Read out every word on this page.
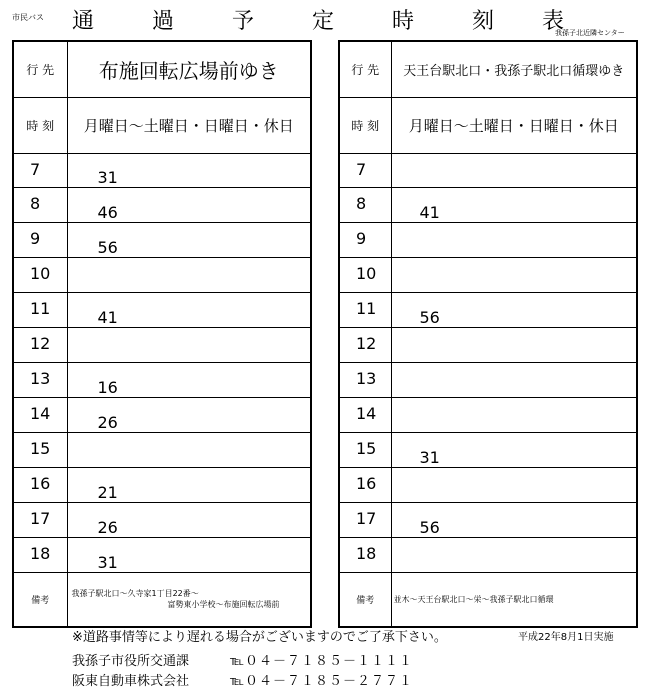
市民バス 通	過	予	定	時	刻 表
我孫子北近隣センター
行 先	布施回転広場前ゆき
時 刻	月曜日～土曜日・日曜日・休日

7	31

8	46

9	56

10	

11	41

12	

13	16

14	26

15	

16	21

17	26

18	31

備考	我孫子駅北口～久寺家1丁目22番～
富勢東小学校～布施回転広場前
行 先	天王台駅北口・我孫子駅北口循環ゆき
時 刻	月曜日～土曜日・日曜日・休日

7	

8	41

9	

10	

11	56

12	

13	

14	

15	31

16	

17	56

18	

備考	並木～天王台駅北口～栄～我孫子駅北口循環
※道路事情等により遅れる場合がございますのでご了承下さい。	平成22年8月1日実施
我孫子市役所交通課	℡０４－７１８５－１１１１
阪東自動車株式会社	℡０４－７１８５－２７７１
